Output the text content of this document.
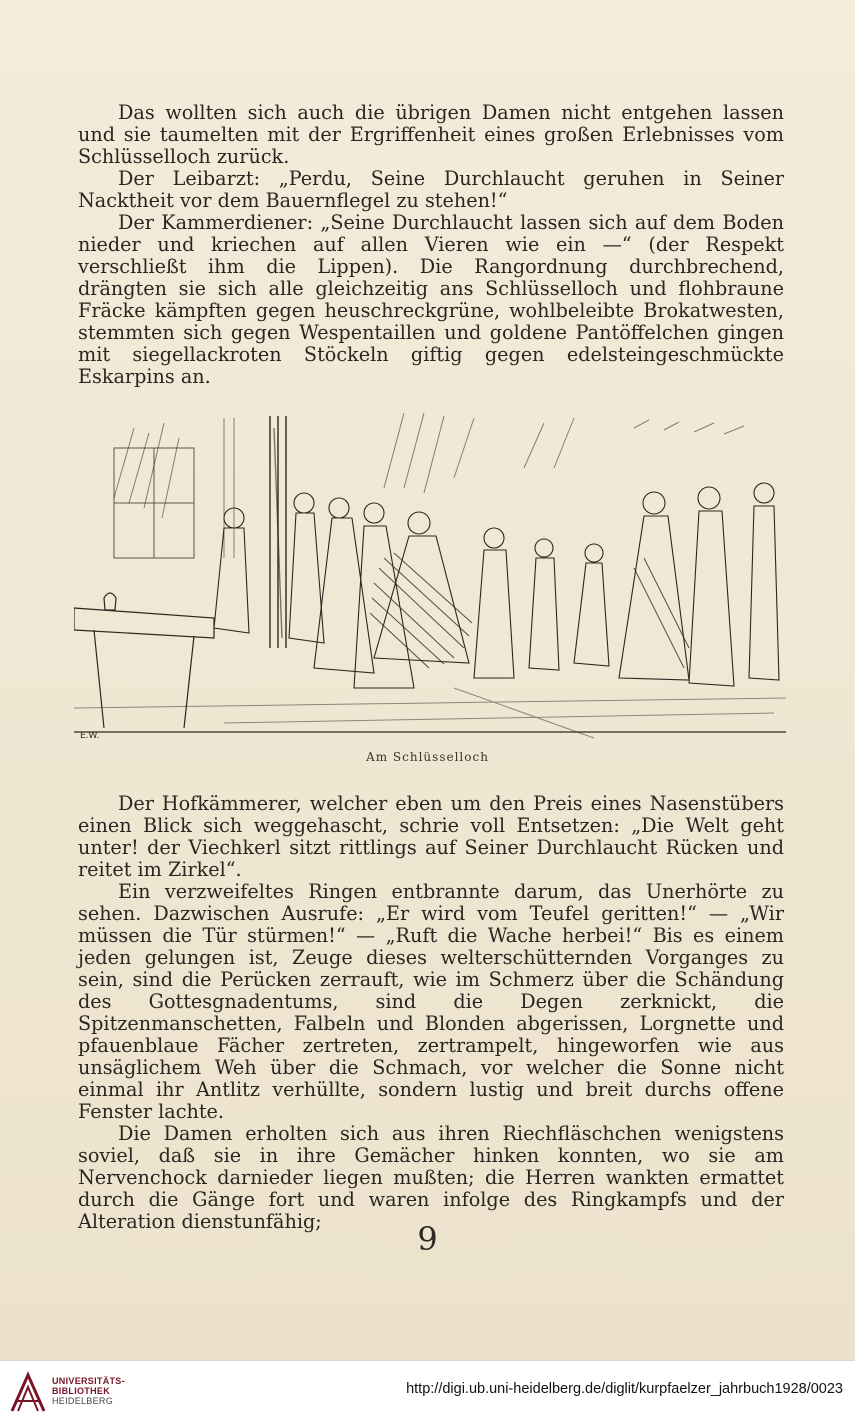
Das wollten sich auch die übrigen Damen nicht entgehen lassen und sie taumelten mit der Ergriffenheit eines großen Erlebnisses vom Schlüsselloch zurück.

Der Leibarzt: „Perdu, Seine Durchlaucht geruhen in Seiner Nacktheit vor dem Bauernflegel zu stehen!“

Der Kammerdiener: „Seine Durchlaucht lassen sich auf dem Boden nieder und kriechen auf allen Vieren wie ein —“ (der Respekt verschließt ihm die Lippen). Die Rangordnung durchbrechend, drängten sie sich alle gleichzeitig ans Schlüsselloch und flohbraune Fräcke kämpften gegen heuschreckgrüne, wohlbeleibte Brokatwesten, stemmten sich gegen Wespentaillen und goldene Pantöffelchen gingen mit siegellackroten Stöckeln giftig gegen edelsteingeschmückte Eskarpins an.

E.W.
Am Schlüsselloch

Der Hofkämmerer, welcher eben um den Preis eines Nasenstübers einen Blick sich weggehascht, schrie voll Entsetzen: „Die Welt geht unter! der Viechkerl sitzt rittlings auf Seiner Durchlaucht Rücken und reitet im Zirkel“.

Ein verzweifeltes Ringen entbrannte darum, das Unerhörte zu sehen. Dazwischen Ausrufe: „Er wird vom Teufel geritten!“ — „Wir müssen die Tür stürmen!“ — „Ruft die Wache herbei!“ Bis es einem jeden gelungen ist, Zeuge dieses welterschütternden Vorganges zu sein, sind die Perücken zerrauft, wie im Schmerz über die Schändung des Gottesgnadentums, sind die Degen zerknickt, die Spitzenmanschetten, Falbeln und Blonden abgerissen, Lorgnette und pfauenblaue Fächer zertreten, zertrampelt, hingeworfen wie aus unsäglichem Weh über die Schmach, vor welcher die Sonne nicht einmal ihr Antlitz verhüllte, sondern lustig und breit durchs offene Fenster lachte.

Die Damen erholten sich aus ihren Riechfläschchen wenigstens soviel, daß sie in ihre Gemächer hinken konnten, wo sie am Nervenchock darnieder liegen mußten; die Herren wankten ermattet durch die Gänge fort und waren infolge des Ringkampfs und der Alteration dienstunfähig;	9
UNIVERSITÄTS-
BIBLIOTHEK
HEIDELBERG
http://digi.ub.uni-heidelberg.de/diglit/kurpfaelzer_jahrbuch1928/0023
